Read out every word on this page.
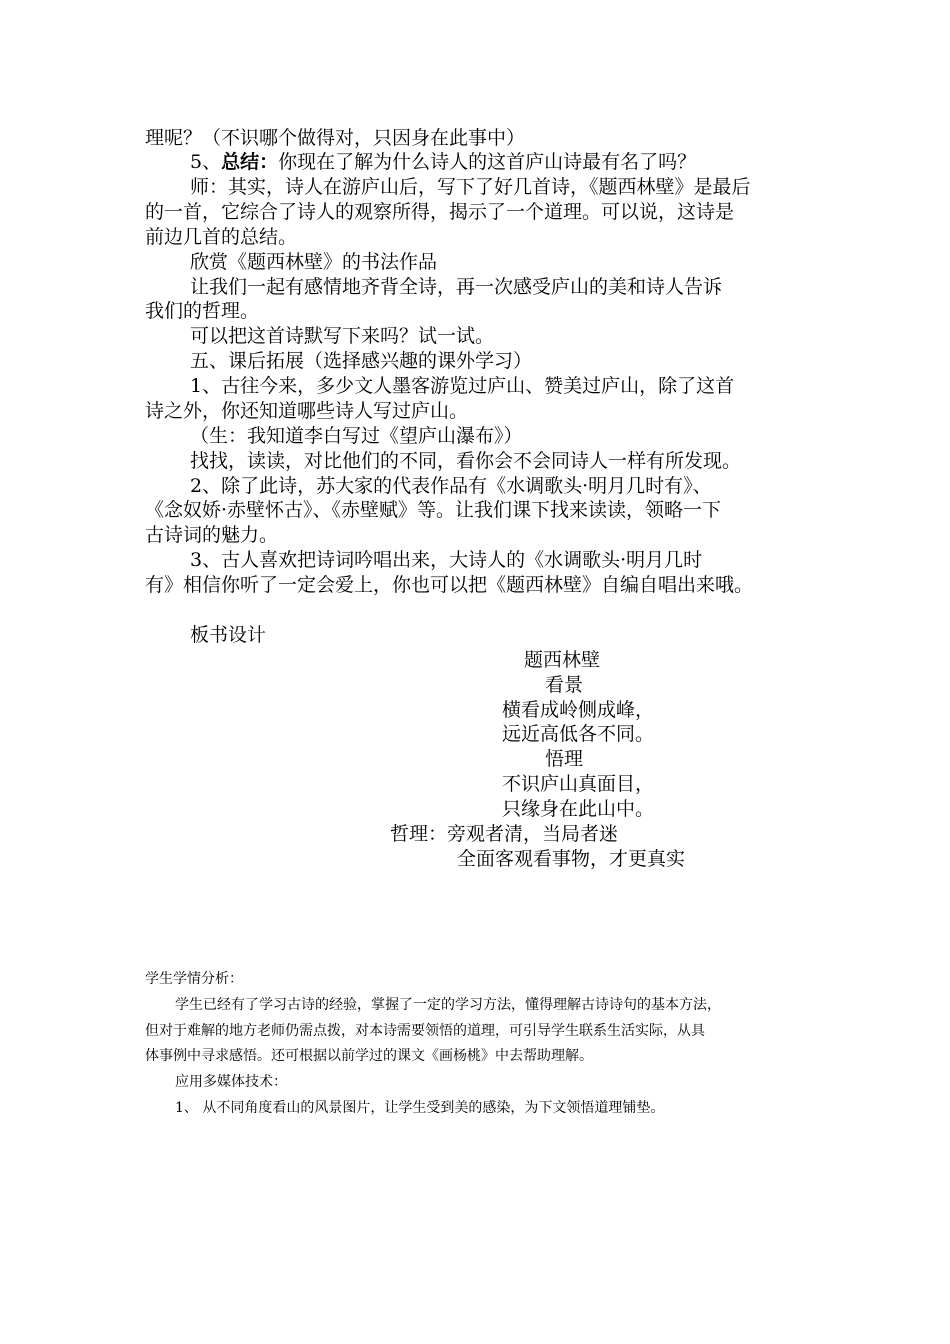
理呢？（不识哪个做得对，只因身在此事中）
5、总结：你现在了解为什么诗人的这首庐山诗最有名了吗？
师：其实，诗人在游庐山后，写下了好几首诗，《题西林壁》是最后
的一首，它综合了诗人的观察所得，揭示了一个道理。可以说，这诗是
前边几首的总结。
欣赏《题西林壁》的书法作品
让我们一起有感情地齐背全诗，再一次感受庐山的美和诗人告诉
我们的哲理。
可以把这首诗默写下来吗？试一试。
五、课后拓展（选择感兴趣的课外学习）
1、古往今来，多少文人墨客游览过庐山、赞美过庐山，除了这首
诗之外，你还知道哪些诗人写过庐山。
（生：我知道李白写过《望庐山瀑布》）
找找，读读，对比他们的不同，看你会不会同诗人一样有所发现。
2、除了此诗，苏大家的代表作品有《水调歌头·明月几时有》、
《念奴娇·赤壁怀古》、《赤壁赋》等。让我们课下找来读读，领略一下
古诗词的魅力。
3、古人喜欢把诗词吟唱出来，大诗人的《水调歌头·明月几时
有》相信你听了一定会爱上，你也可以把《题西林壁》自编自唱出来哦。
板书设计
题西林壁
看景
横看成岭侧成峰，
远近高低各不同。
悟理
不识庐山真面目，
只缘身在此山中。
哲理：旁观者清，当局者迷
全面客观看事物，才更真实
学生学情分析：
学生已经有了学习古诗的经验，掌握了一定的学习方法，懂得理解古诗诗句的基本方法，
但对于难解的地方老师仍需点拨，对本诗需要领悟的道理，可引导学生联系生活实际，从具
体事例中寻求感悟。还可根据以前学过的课文《画杨桃》中去帮助理解。
应用多媒体技术：
1、 从不同角度看山的风景图片，让学生受到美的感染，为下文领悟道理铺垫。
